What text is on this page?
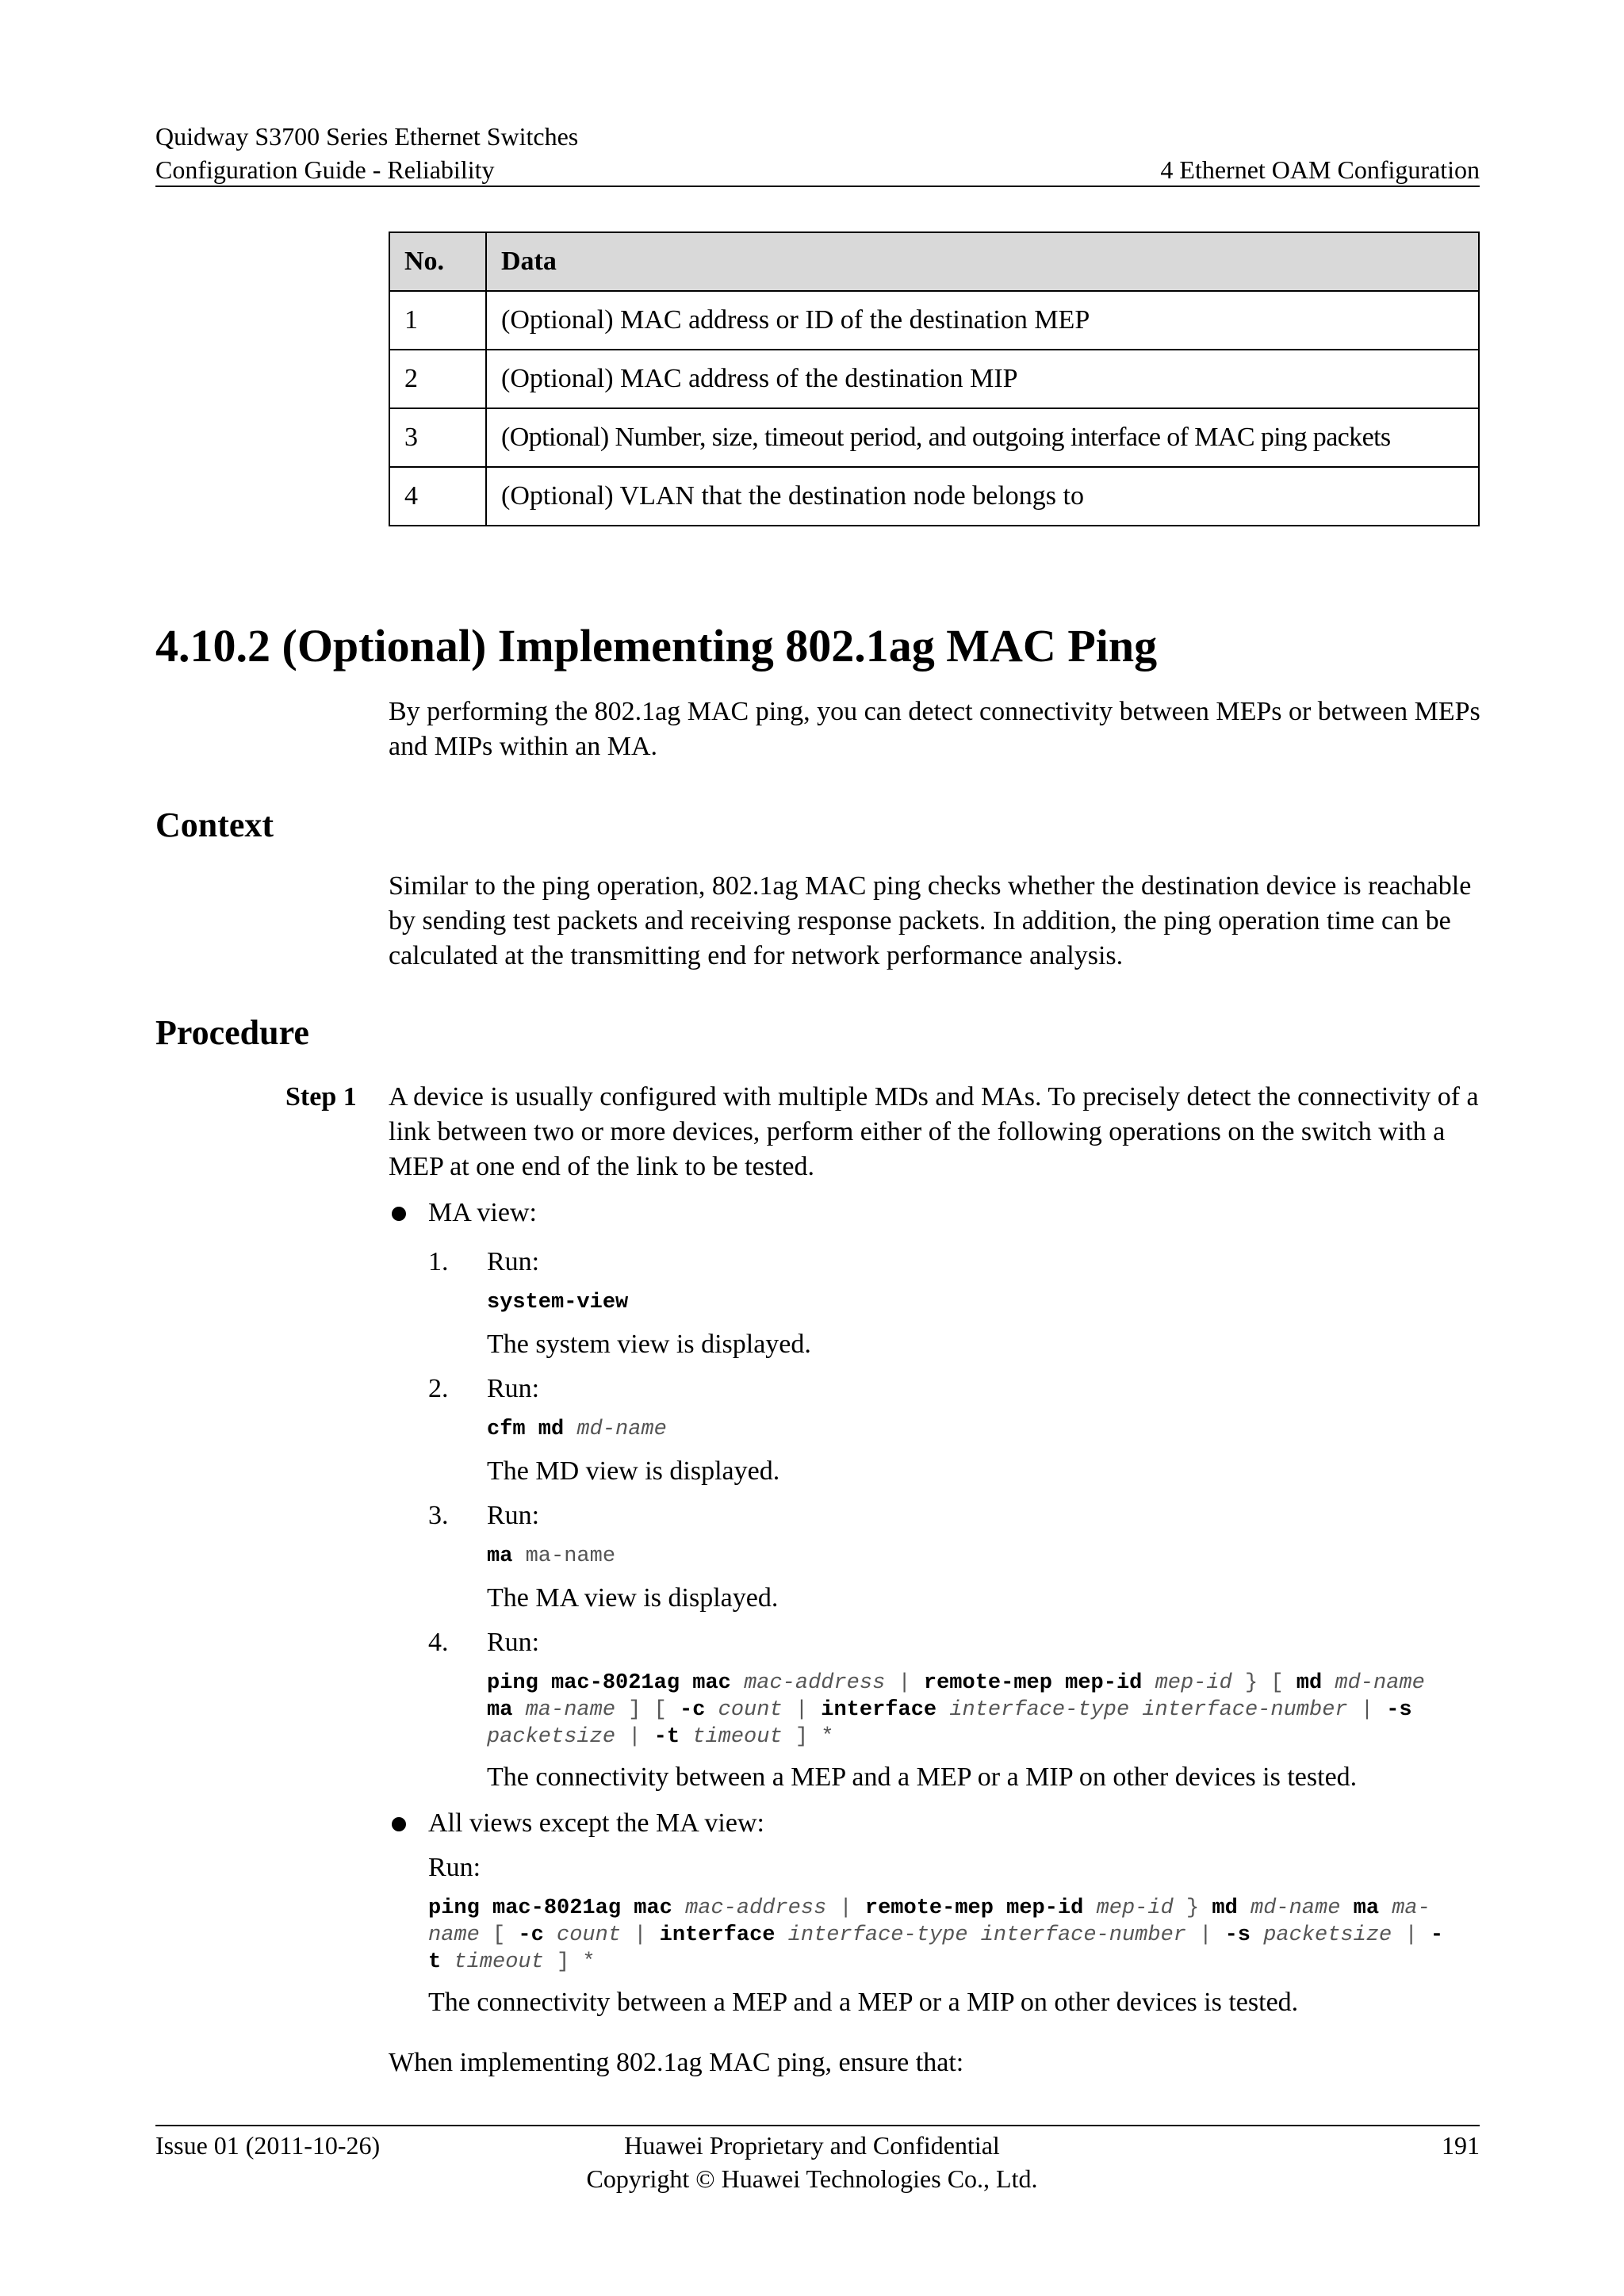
Quidway S3700 Series Ethernet Switches
Configuration Guide - Reliability	4 Ethernet OAM Configuration
No.	Data
1	(Optional) MAC address or ID of the destination MEP
2	(Optional) MAC address of the destination MIP
3	(Optional) Number, size, timeout period, and outgoing interface of MAC ping packets
4	(Optional) VLAN that the destination node belongs to
4.10.2 (Optional) Implementing 802.1ag MAC Ping
By performing the 802.1ag MAC ping, you can detect connectivity between MEPs or between MEPs and MIPs within an MA.
Context
Similar to the ping operation, 802.1ag MAC ping checks whether the destination device is reachable by sending test packets and receiving response packets. In addition, the ping operation time can be calculated at the transmitting end for network performance analysis.
Procedure
Step 1 A device is usually configured with multiple MDs and MAs. To precisely detect the connectivity of a link between two or more devices, perform either of the following operations on the switch with a MEP at one end of the link to be tested.
MA view:
1. Run:
system-view
The system view is displayed.
2. Run:
cfm md md-name
The MD view is displayed.
3. Run:
ma ma-name
The MA view is displayed.
4. Run:
ping mac-8021ag mac mac-address | remote-mep mep-id mep-id } [ md md-name
ma ma-name ] [ -c count | interface interface-type interface-number | -s
packetsize | -t timeout ] *
The connectivity between a MEP and a MEP or a MIP on other devices is tested.
All views except the MA view:
Run:
ping mac-8021ag mac mac-address | remote-mep mep-id mep-id } md md-name ma ma-
name [ -c count | interface interface-type interface-number | -s packetsize | -
t timeout ] *
The connectivity between a MEP and a MEP or a MIP on other devices is tested.
When implementing 802.1ag MAC ping, ensure that:
Issue 01 (2011-10-26)	Huawei Proprietary and Confidential
Copyright © Huawei Technologies Co., Ltd.
191
